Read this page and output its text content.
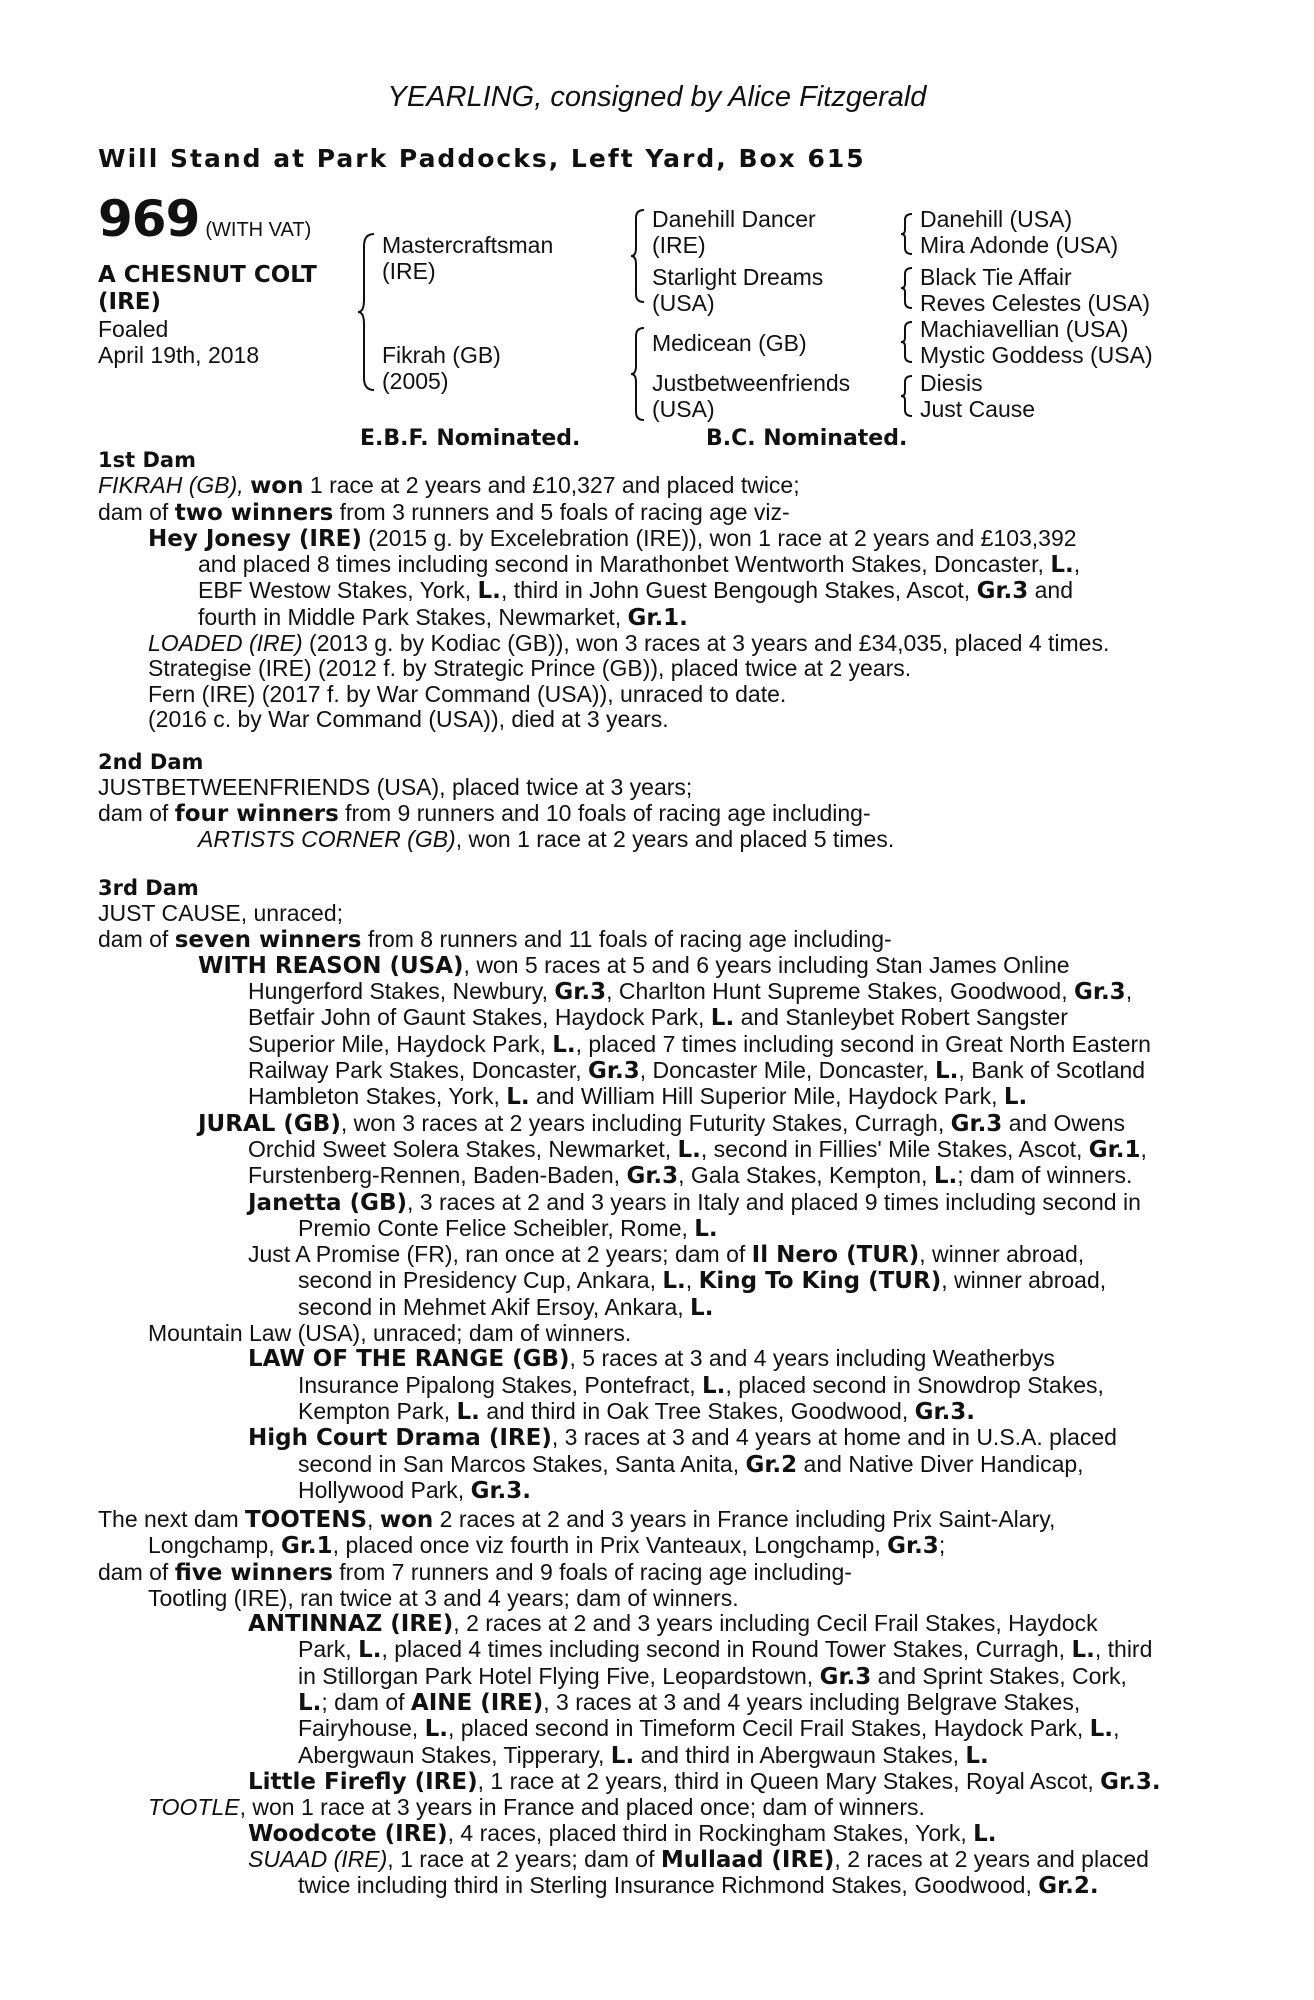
YEARLING, consigned by Alice Fitzgerald
Will Stand at Park Paddocks, Left Yard, Box 615
969 (WITH VAT)
A CHESNUT COLT
(IRE)
Foaled
April 19th, 2018
Mastercraftsman
(IRE)
Fikrah (GB)
(2005)
Danehill Dancer
(IRE)
Starlight Dreams
(USA)
Medicean (GB)
Justbetweenfriends
(USA)
Danehill (USA)
Mira Adonde (USA)
Black Tie Affair
Reves Celestes (USA)
Machiavellian (USA)
Mystic Goddess (USA)
Diesis
Just Cause
E.B.F. Nominated.	B.C. Nominated.

1st Dam

FIKRAH (GB), won 1 race at 2 years and £10,327 and placed twice;

dam of two winners from 3 runners and 5 foals of racing age viz-

Hey Jonesy (IRE) (2015 g. by Excelebration (IRE)), won 1 race at 2 years and £103,392

and placed 8 times including second in Marathonbet Wentworth Stakes, Doncaster, L.,

EBF Westow Stakes, York, L., third in John Guest Bengough Stakes, Ascot, Gr.3 and

fourth in Middle Park Stakes, Newmarket, Gr.1.

LOADED (IRE) (2013 g. by Kodiac (GB)), won 3 races at 3 years and £34,035, placed 4 times.

Strategise (IRE) (2012 f. by Strategic Prince (GB)), placed twice at 2 years.

Fern (IRE) (2017 f. by War Command (USA)), unraced to date.

(2016 c. by War Command (USA)), died at 3 years.

2nd Dam

JUSTBETWEENFRIENDS (USA), placed twice at 3 years;

dam of four winners from 9 runners and 10 foals of racing age including-

ARTISTS CORNER (GB), won 1 race at 2 years and placed 5 times.

3rd Dam

JUST CAUSE, unraced;

dam of seven winners from 8 runners and 11 foals of racing age including-

WITH REASON (USA), won 5 races at 5 and 6 years including Stan James Online

Hungerford Stakes, Newbury, Gr.3, Charlton Hunt Supreme Stakes, Goodwood, Gr.3,

Betfair John of Gaunt Stakes, Haydock Park, L. and Stanleybet Robert Sangster

Superior Mile, Haydock Park, L., placed 7 times including second in Great North Eastern

Railway Park Stakes, Doncaster, Gr.3, Doncaster Mile, Doncaster, L., Bank of Scotland

Hambleton Stakes, York, L. and William Hill Superior Mile, Haydock Park, L.

JURAL (GB), won 3 races at 2 years including Futurity Stakes, Curragh, Gr.3 and Owens

Orchid Sweet Solera Stakes, Newmarket, L., second in Fillies' Mile Stakes, Ascot, Gr.1,

Furstenberg-Rennen, Baden-Baden, Gr.3, Gala Stakes, Kempton, L.; dam of winners.

Janetta (GB), 3 races at 2 and 3 years in Italy and placed 9 times including second in

Premio Conte Felice Scheibler, Rome, L.

Just A Promise (FR), ran once at 2 years; dam of Il Nero (TUR), winner abroad,

second in Presidency Cup, Ankara, L., King To King (TUR), winner abroad,

second in Mehmet Akif Ersoy, Ankara, L.

Mountain Law (USA), unraced; dam of winners.

LAW OF THE RANGE (GB), 5 races at 3 and 4 years including Weatherbys

Insurance Pipalong Stakes, Pontefract, L., placed second in Snowdrop Stakes,

Kempton Park, L. and third in Oak Tree Stakes, Goodwood, Gr.3.

High Court Drama (IRE), 3 races at 3 and 4 years at home and in U.S.A. placed

second in San Marcos Stakes, Santa Anita, Gr.2 and Native Diver Handicap,

Hollywood Park, Gr.3.

The next dam TOOTENS, won 2 races at 2 and 3 years in France including Prix Saint-Alary,

Longchamp, Gr.1, placed once viz fourth in Prix Vanteaux, Longchamp, Gr.3;

dam of five winners from 7 runners and 9 foals of racing age including-

Tootling (IRE), ran twice at 3 and 4 years; dam of winners.

ANTINNAZ (IRE), 2 races at 2 and 3 years including Cecil Frail Stakes, Haydock

Park, L., placed 4 times including second in Round Tower Stakes, Curragh, L., third

in Stillorgan Park Hotel Flying Five, Leopardstown, Gr.3 and Sprint Stakes, Cork,

L.; dam of AINE (IRE), 3 races at 3 and 4 years including Belgrave Stakes,

Fairyhouse, L., placed second in Timeform Cecil Frail Stakes, Haydock Park, L.,

Abergwaun Stakes, Tipperary, L. and third in Abergwaun Stakes, L.

Little Firefly (IRE), 1 race at 2 years, third in Queen Mary Stakes, Royal Ascot, Gr.3.

TOOTLE, won 1 race at 3 years in France and placed once; dam of winners.

Woodcote (IRE), 4 races, placed third in Rockingham Stakes, York, L.

SUAAD (IRE), 1 race at 2 years; dam of Mullaad (IRE), 2 races at 2 years and placed

twice including third in Sterling Insurance Richmond Stakes, Goodwood, Gr.2.
